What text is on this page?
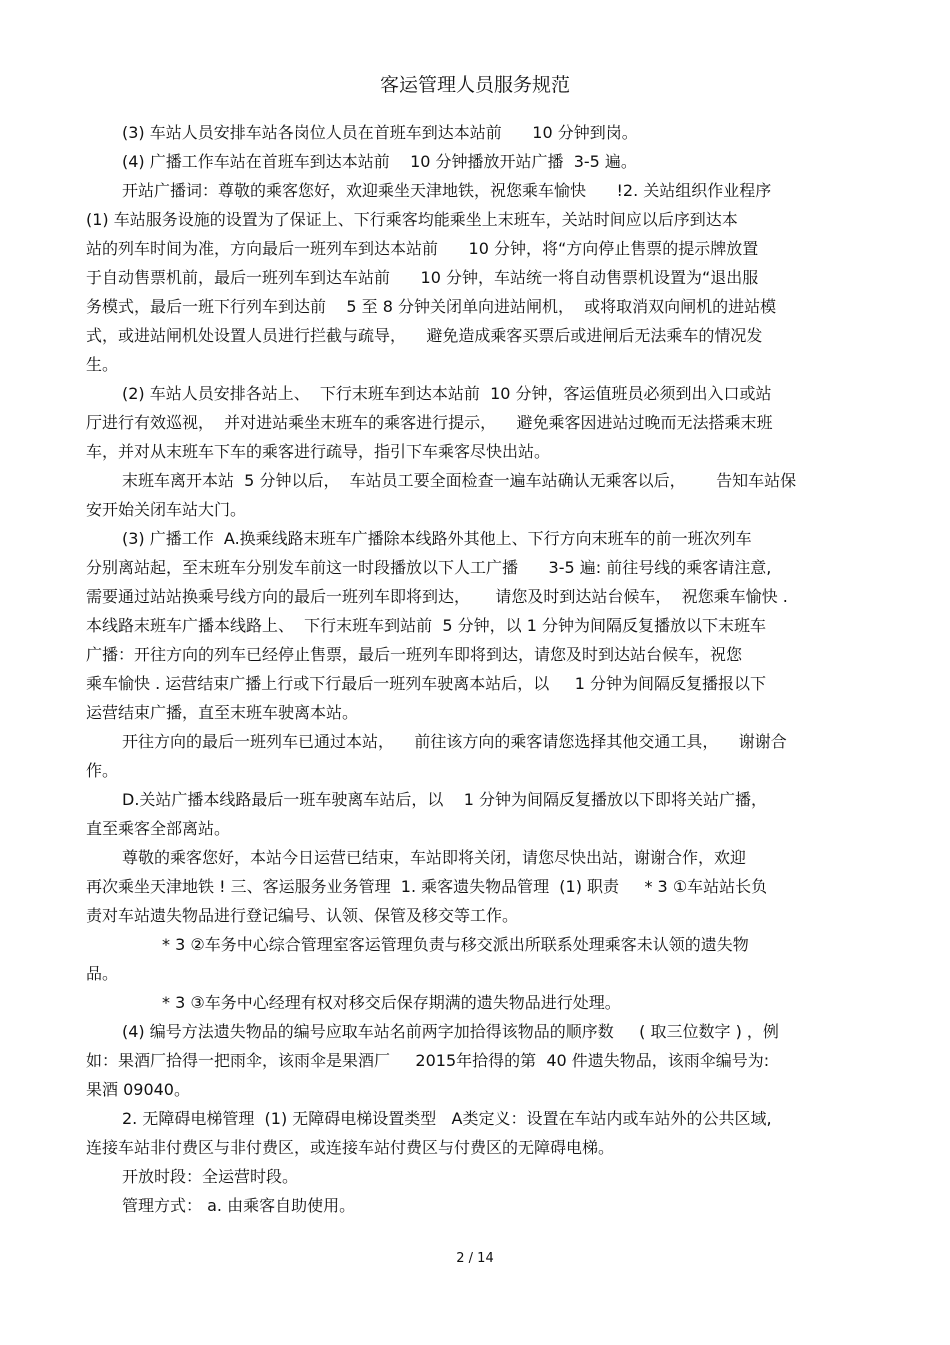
客运管理人员服务规范
(3) 车站人员安排车站各岗位人员在首班车到达本站前      10 分钟到岗。
(4) 广播工作车站在首班车到达本站前    10 分钟播放开站广播  3-5 遍。
开站广播词：尊敬的乘客您好，欢迎乘坐天津地铁，祝您乘车愉快      !2. 关站组织作业程序
(1) 车站服务设施的设置为了保证上、下行乘客均能乘坐上末班车，关站时间应以后序到达本
站的列车时间为准，方向最后一班列车到达本站前      10 分钟，将“方向停止售票的提示牌放置
于自动售票机前，最后一班列车到达车站前      10 分钟，车站统一将自动售票机设置为“退出服
务模式，最后一班下行列车到达前    5 至 8 分钟关闭单向进站闸机，  或将取消双向闸机的进站模
式，或进站闸机处设置人员进行拦截与疏导，    避免造成乘客买票后或进闸后无法乘车的情况发
生。
(2) 车站人员安排各站上、  下行末班车到达本站前  10 分钟，客运值班员必须到出入口或站
厅进行有效巡视，  并对进站乘坐末班车的乘客进行提示，    避免乘客因进站过晚而无法搭乘末班
车，并对从末班车下车的乘客进行疏导，指引下车乘客尽快出站。
末班车离开本站  5 分钟以后，  车站员工要全面检查一遍车站确认无乘客以后，      告知车站保
安开始关闭车站大门。
(3) 广播工作  A.换乘线路末班车广播除本线路外其他上、下行方向末班车的前一班次列车
分别离站起，至末班车分别发车前这一时段播放以下人工广播      3-5 遍: 前往号线的乘客请注意,
需要通过站站换乘号线方向的最后一班列车即将到达，     请您及时到达站台候车，  祝您乘车愉快 .
本线路末班车广播本线路上、  下行末班车到站前  5 分钟，以 1 分钟为间隔反复播放以下末班车
广播：开往方向的列车已经停止售票，最后一班列车即将到达，请您及时到达站台候车，祝您
乘车愉快 . 运营结束广播上行或下行最后一班列车驶离本站后，以     1 分钟为间隔反复播报以下
运营结束广播，直至末班车驶离本站。
开往方向的最后一班列车已通过本站，    前往该方向的乘客请您选择其他交通工具，    谢谢合
作。
D.关站广播本线路最后一班车驶离车站后，以    1 分钟为间隔反复播放以下即将关站广播，
直至乘客全部离站。
尊敬的乘客您好，本站今日运营已结束，车站即将关闭，请您尽快出站，谢谢合作，欢迎
再次乘坐天津地铁 ! 三、客运服务业务管理  1. 乘客遗失物品管理  (1) 职责     * 3 ①车站站长负
责对车站遗失物品进行登记编号、认领、保管及移交等工作。
* 3 ②车务中心综合管理室客运管理负责与移交派出所联系处理乘客未认领的遗失物
品。
* 3 ③车务中心经理有权对移交后保存期满的遗失物品进行处理。
(4) 编号方法遗失物品的编号应取车站名前两字加拾得该物品的顺序数     ( 取三位数字 ) ，例
如：果酒厂拾得一把雨伞，该雨伞是果酒厂     2015年拾得的第  40 件遗失物品，该雨伞编号为:
果酒 09040。
2. 无障碍电梯管理  (1) 无障碍电梯设置类型   A类定义：设置在车站内或车站外的公共区域,
连接车站非付费区与非付费区，或连接车站付费区与付费区的无障碍电梯。
开放时段：全运营时段。
管理方式： a. 由乘客自助使用。
2 / 14
